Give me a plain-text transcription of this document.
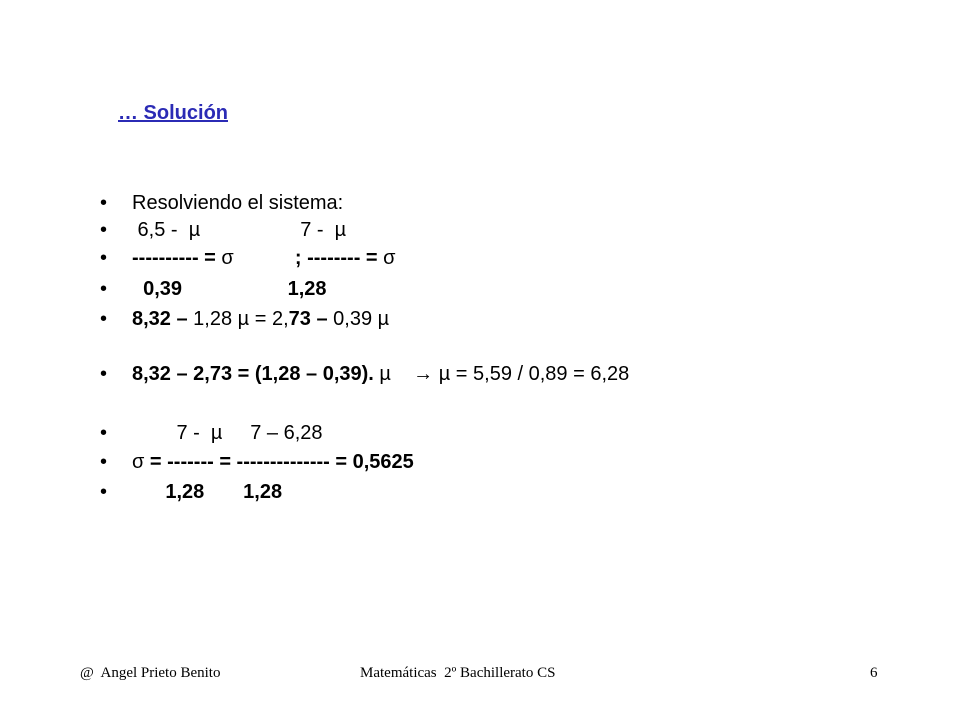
… Solución
• Resolviendo el sistema:
• 6,5 -  µ                  7 -  µ
• ---------- = σ           ; -------- = σ
• 0,39                   1,28
• 8,32 – 1,28 µ = 2,73 – 0,39 µ
• 8,32 – 2,73 = (1,28 – 0,39). µ    → µ = 5,59 / 0,89 = 6,28
• 7 -  µ     7 – 6,28
• σ = ------- = -------------- = 0,5625
• 1,28       1,28
@  Angel Prieto Benito	Matemáticas  2º Bachillerato CS	6
